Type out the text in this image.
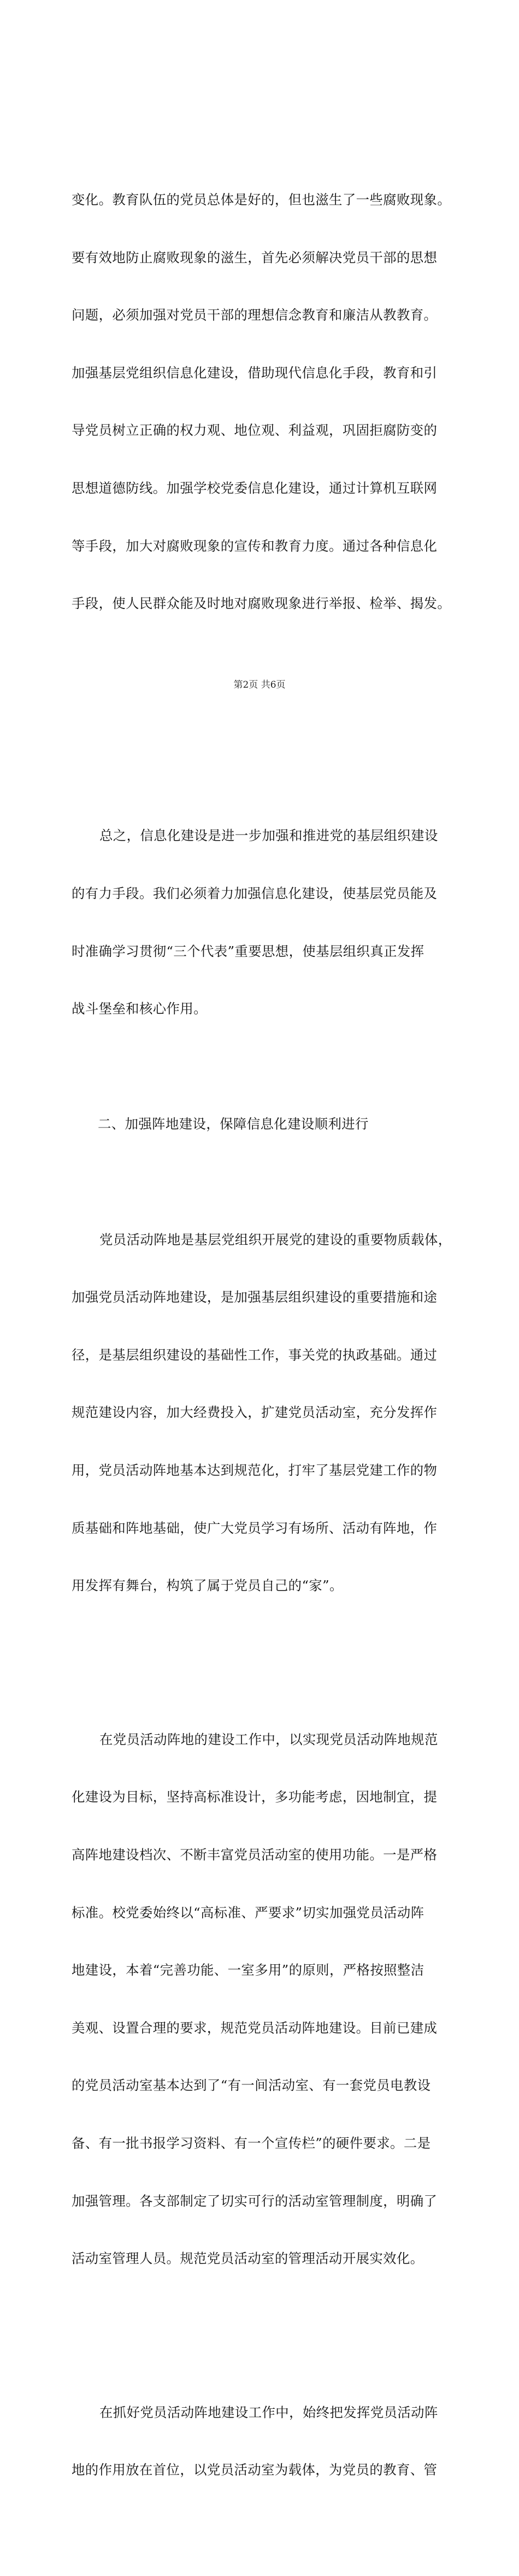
变化。教育队伍的党员总体是好的，但也滋生了一些腐败现象。

要有效地防止腐败现象的滋生，首先必须解决党员干部的思想

问题，必须加强对党员干部的理想信念教育和廉洁从教教育。

加强基层党组织信息化建设，借助现代信息化手段，教育和引

导党员树立正确的权力观、地位观、利益观，巩固拒腐防变的

思想道德防线。加强学校党委信息化建设，通过计算机互联网

等手段，加大对腐败现象的宣传和教育力度。通过各种信息化

手段，使人民群众能及时地对腐败现象进行举报、检举、揭发。

总之，信息化建设是进一步加强和推进党的基层组织建设

的有力手段。我们必须着力加强信息化建设，使基层党员能及

时准确学习贯彻“三个代表”重要思想，使基层组织真正发挥

战斗堡垒和核心作用。

二、加强阵地建设，保障信息化建设顺利进行

党员活动阵地是基层党组织开展党的建设的重要物质载体，

加强党员活动阵地建设，是加强基层组织建设的重要措施和途

径，是基层组织建设的基础性工作，事关党的执政基础。通过

规范建设内容，加大经费投入，扩建党员活动室，充分发挥作

用，党员活动阵地基本达到规范化，打牢了基层党建工作的物

质基础和阵地基础，使广大党员学习有场所、活动有阵地，作

用发挥有舞台，构筑了属于党员自己的“家”。

在党员活动阵地的建设工作中，以实现党员活动阵地规范

化建设为目标，坚持高标准设计，多功能考虑，因地制宜，提

高阵地建设档次、不断丰富党员活动室的使用功能。一是严格

标准。校党委始终以“高标准、严要求”切实加强党员活动阵

地建设，本着“完善功能、一室多用”的原则，严格按照整洁

美观、设置合理的要求，规范党员活动阵地建设。目前已建成

的党员活动室基本达到了“有一间活动室、有一套党员电教设

备、有一批书报学习资料、有一个宣传栏”的硬件要求。二是

加强管理。各支部制定了切实可行的活动室管理制度，明确了

活动室管理人员。规范党员活动室的管理活动开展实效化。

在抓好党员活动阵地建设工作中，始终把发挥党员活动阵

地的作用放在首位，以党员活动室为载体，为党员的教育、管

第2页 共6页
